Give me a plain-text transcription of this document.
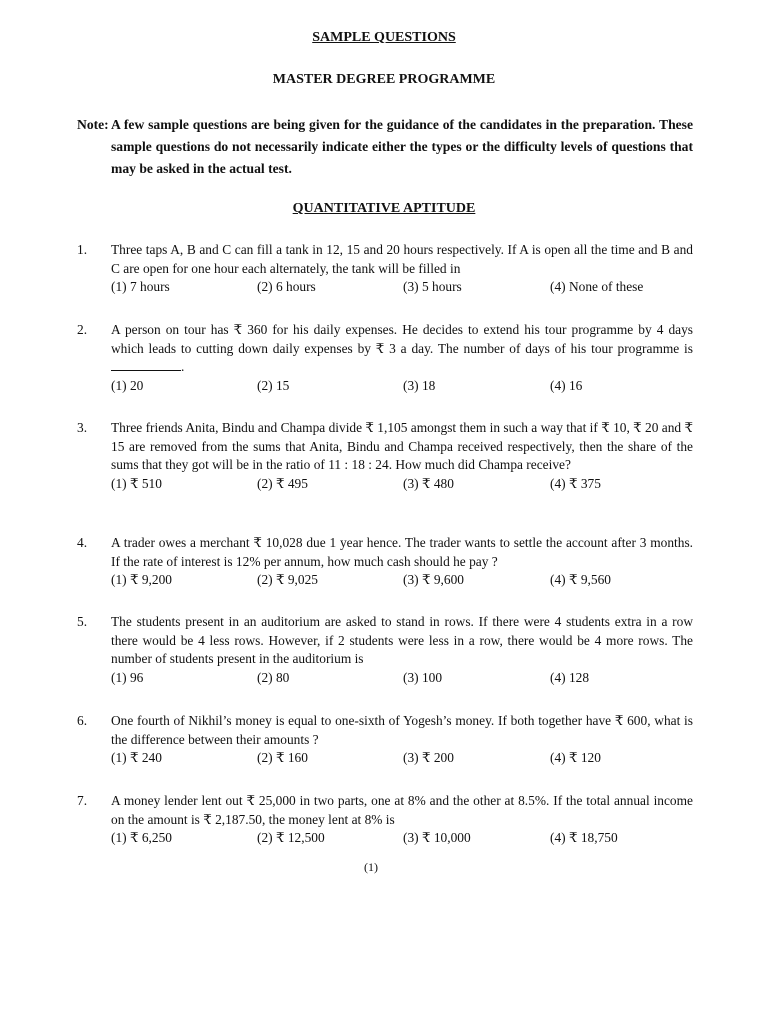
SAMPLE QUESTIONS
MASTER DEGREE PROGRAMME
Note: A few sample questions are being given for the guidance of the candidates in the preparation. These sample questions do not necessarily indicate either the types or the difficulty levels of questions that may be asked in the actual test.
QUANTITATIVE APTITUDE
1.	Three taps A, B and C can fill a tank in 12, 15 and 20 hours respectively. If A is open all the time and B and C are open for one hour each alternately, the tank will be filled in
(1) 7 hours	(2) 6 hours	(3) 5 hours	(4) None of these
2.	A person on tour has ₹ 360 for his daily expenses. He decides to extend his tour programme by 4 days which leads to cutting down daily expenses by ₹ 3 a day. The number of days of his tour programme is.
(1) 20	(2) 15	(3) 18	(4) 16
3.	Three friends Anita, Bindu and Champa divide ₹ 1,105 amongst them in such a way that if ₹ 10, ₹ 20 and ₹ 15 are removed from the sums that Anita, Bindu and Champa received respectively, then the share of the sums that they got will be in the ratio of 11 : 18 : 24. How much did Champa receive?
(1) ₹ 510	(2) ₹ 495	(3) ₹ 480	(4) ₹ 375
4.	A trader owes a merchant ₹ 10,028 due 1 year hence. The trader wants to settle the account after 3 months. If the rate of interest is 12% per annum, how much cash should he pay ?
(1) ₹ 9,200	(2) ₹ 9,025	(3) ₹ 9,600	(4) ₹ 9,560
5.	The students present in an auditorium are asked to stand in rows. If there were 4 students extra in a row there would be 4 less rows. However, if 2 students were less in a row, there would be 4 more rows. The number of students present in the auditorium is
(1) 96	(2) 80	(3) 100	(4) 128
6.	One fourth of Nikhil’s money is equal to one-sixth of Yogesh’s money. If both together have ₹ 600, what is the difference between their amounts ?
(1) ₹ 240	(2) ₹ 160	(3) ₹ 200	(4) ₹ 120
7.	A money lender lent out ₹ 25,000 in two parts, one at 8% and the other at 8.5%. If the total annual income on the amount is ₹ 2,187.50, the money lent at 8% is
(1) ₹ 6,250	(2) ₹ 12,500	(3) ₹ 10,000	(4) ₹ 18,750
(1)
